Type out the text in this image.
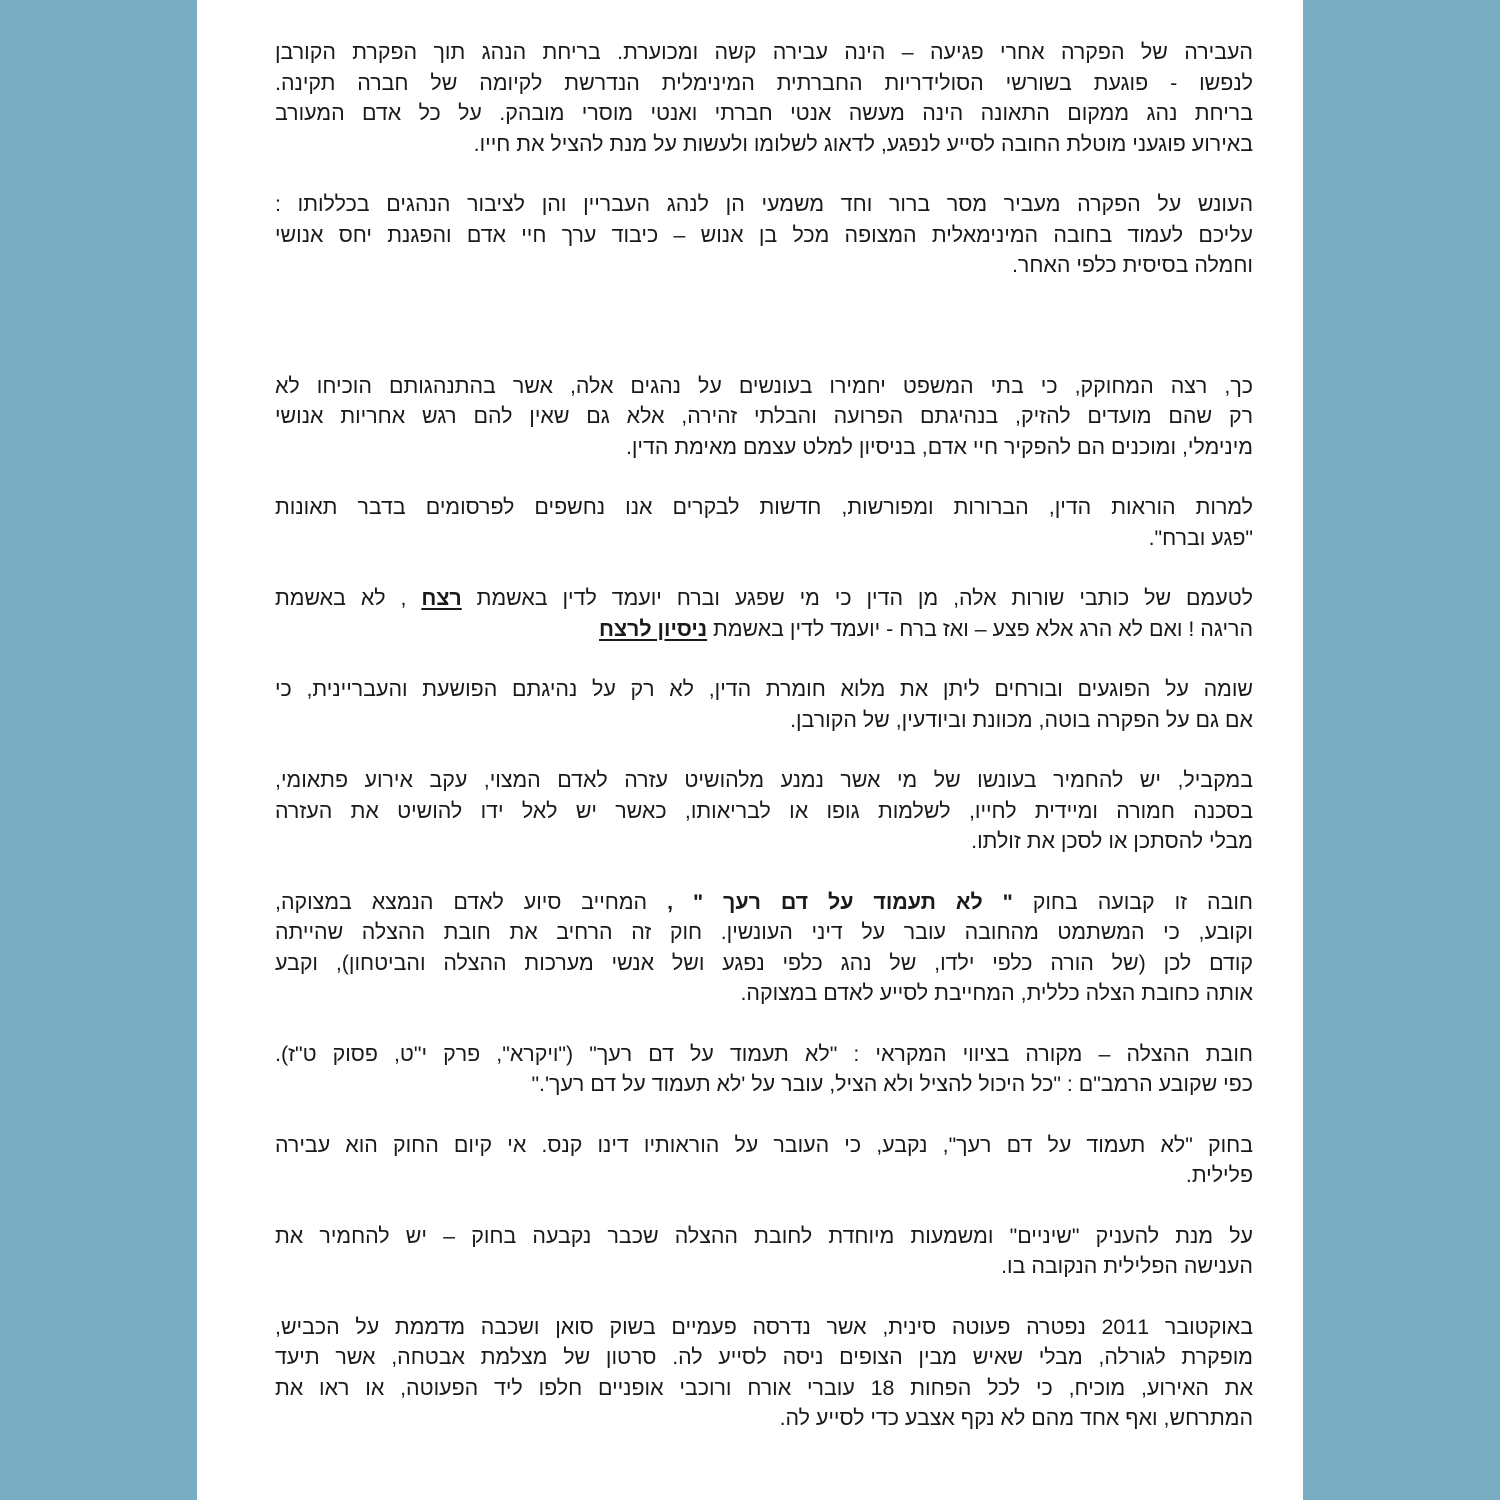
העבירה של הפקרה אחרי פגיעה – הינה עבירה קשה ומכוערת. בריחת הנהג תוך הפקרת הקורבן
לנפשו - פוגעת בשורשי הסולידריות החברתית המינימלית הנדרשת לקיומה של חברה תקינה.
בריחת נהג ממקום התאונה הינה מעשה אנטי חברתי ואנטי מוסרי מובהק. על כל אדם המעורב
באירוע פוגעני מוטלת החובה לסייע לנפגע, לדאוג לשלומו ולעשות על מנת להציל את חייו.

העונש על הפקרה מעביר מסר ברור וחד משמעי הן לנהג העבריין והן לציבור הנהגים בכללותו :
עליכם לעמוד בחובה המינימאלית המצופה מכל בן אנוש – כיבוד ערך חיי אדם והפגנת יחס אנושי
וחמלה בסיסית כלפי האחר.

כך, רצה המחוקק, כי בתי המשפט יחמירו בעונשים על נהגים אלה, אשר בהתנהגותם הוכיחו לא
רק שהם מועדים להזיק, בנהיגתם הפרועה והבלתי זהירה, אלא גם שאין להם רגש אחריות אנושי
מינימלי, ומוכנים הם להפקיר חיי אדם, בניסיון למלט עצמם מאימת הדין.

למרות הוראות הדין, הברורות ומפורשות, חדשות לבקרים אנו נחשפים לפרסומים בדבר תאונות
"פגע וברח".

לטעמם של כותבי שורות אלה, מן הדין כי מי שפגע וברח יועמד לדין באשמת רצח , לא באשמת
הריגה ! ואם לא הרג אלא פצע – ואז ברח - יועמד לדין באשמת ניסיון לרצח

שומה על הפוגעים ובורחים ליתן את מלוא חומרת הדין, לא רק על נהיגתם הפושעת והעבריינית, כי
אם גם על הפקרה בוטה, מכוונת וביודעין, של הקורבן.

במקביל, יש להחמיר בעונשו של מי אשר נמנע מלהושיט עזרה לאדם המצוי, עקב אירוע פתאומי,
בסכנה חמורה ומיידית לחייו, לשלמות גופו או לבריאותו, כאשר יש לאל ידו להושיט את העזרה
מבלי להסתכן או לסכן את זולתו.

חובה זו קבועה בחוק " לא תעמוד על דם רעך " , המחייב סיוע לאדם הנמצא במצוקה,
וקובע, כי המשתמט מהחובה עובר על דיני העונשין. חוק זה הרחיב את חובת ההצלה שהייתה
קודם לכן (של הורה כלפי ילדו, של נהג כלפי נפגע ושל אנשי מערכות ההצלה והביטחון), וקבע
אותה כחובת הצלה כללית, המחייבת לסייע לאדם במצוקה.

חובת ההצלה – מקורה בציווי המקראי : "לא תעמוד על דם רעך" ("ויקרא", פרק י"ט, פסוק ט"ז).
כפי שקובע הרמב"ם : "כל היכול להציל ולא הציל, עובר על 'לא תעמוד על דם רעך'."

בחוק "לא תעמוד על דם רעך", נקבע, כי העובר על הוראותיו דינו קנס. אי קיום החוק הוא עבירה
פלילית.

על מנת להעניק "שיניים" ומשמעות מיוחדת לחובת ההצלה שכבר נקבעה בחוק – יש להחמיר את
הענישה הפלילית הנקובה בו.

באוקטובר 2011 נפטרה פעוטה סינית, אשר נדרסה פעמיים בשוק סואן ושכבה מדממת על הכביש,
מופקרת לגורלה, מבלי שאיש מבין הצופים ניסה לסייע לה. סרטון של מצלמת אבטחה, אשר תיעד
את האירוע, מוכיח, כי לכל הפחות 18 עוברי אורח ורוכבי אופניים חלפו ליד הפעוטה, או ראו את
המתרחש, ואף אחד מהם לא נקף אצבע כדי לסייע לה.
